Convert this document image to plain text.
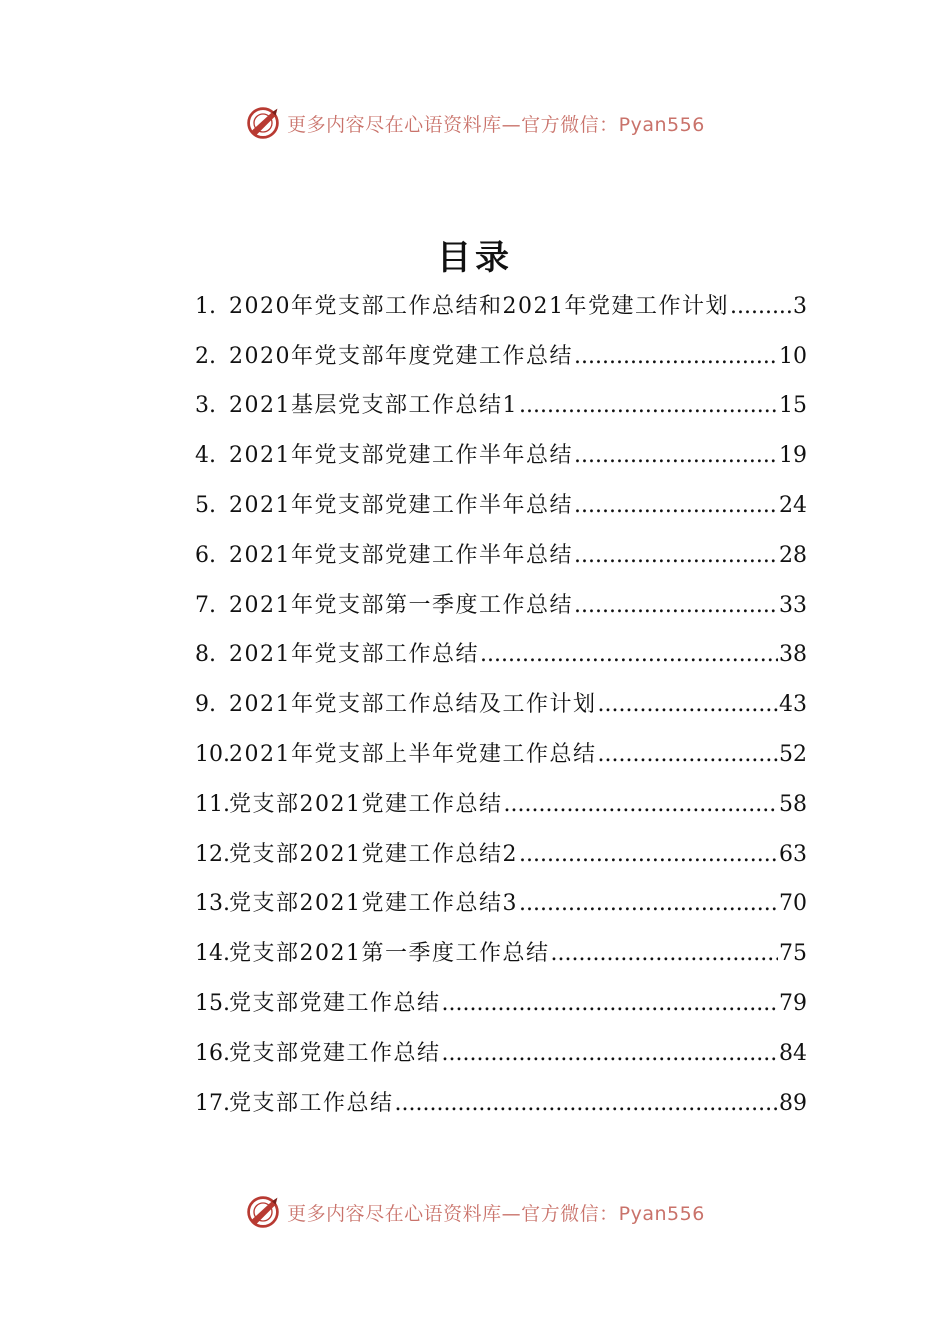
更多内容尽在心语资料库—官方微信：Pyan556
目录
1. 2020年党支部工作总结和2021年党建工作计划 .....	3
2. 2020年党支部年度党建工作总结 .....	10
3. 2021基层党支部工作总结1 .....	15
4. 2021年党支部党建工作半年总结 .....	19
5. 2021年党支部党建工作半年总结 .....	24
6. 2021年党支部党建工作半年总结 .....	28
7. 2021年党支部第一季度工作总结 .....	33
8. 2021年党支部工作总结 .....	38
9. 2021年党支部工作总结及工作计划 .....	43
10. 2021年党支部上半年党建工作总结 .....	52
11. 党支部2021党建工作总结 .....	58
12. 党支部2021党建工作总结2 .....	63
13. 党支部2021党建工作总结3 .....	70
14. 党支部2021第一季度工作总结 .....	75
15. 党支部党建工作总结 .....	79
16. 党支部党建工作总结 .....	84
17. 党支部工作总结 .....	89
更多内容尽在心语资料库—官方微信：Pyan556
